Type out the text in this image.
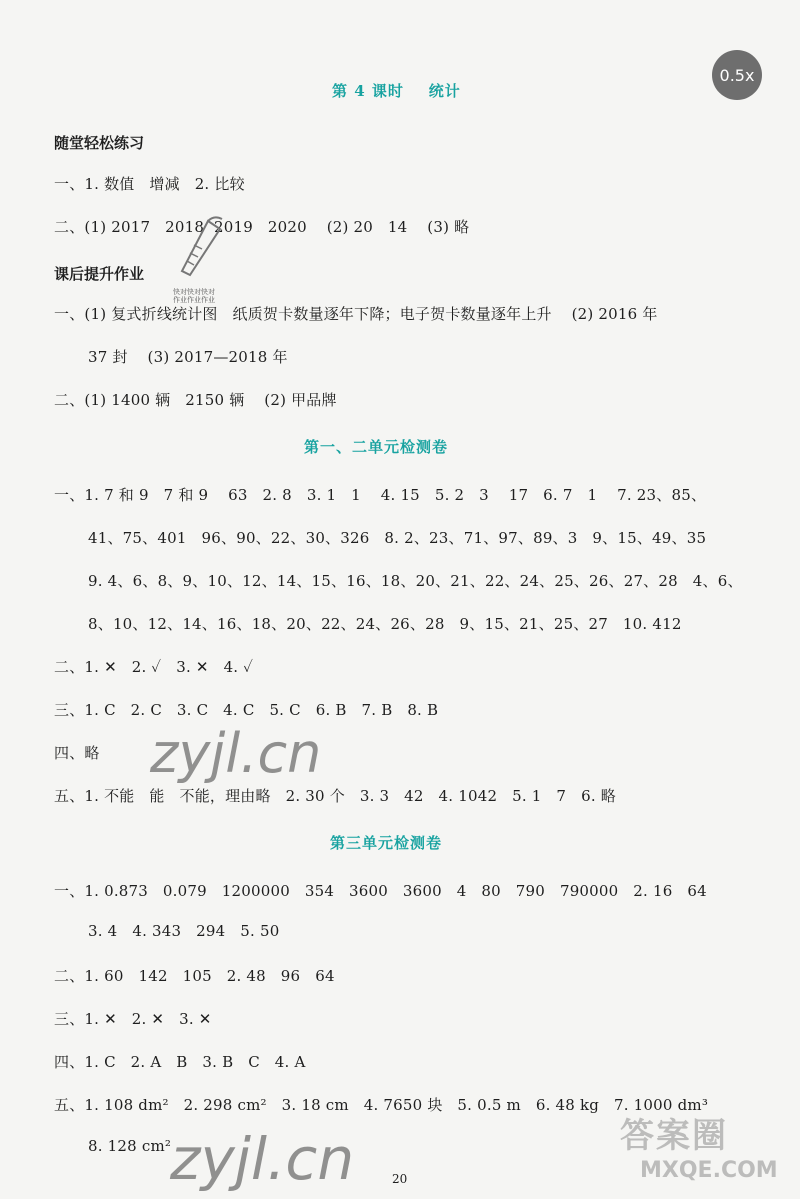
0.5x
第 4 课时    统计
随堂轻松练习
一、1. 数值   增减   2. 比较
二、(1) 2017   2018  2019   2020    (2) 20   14    (3) 略
课后提升作业
快对快对快对
作业作业作业
一、(1) 复式折线统计图   纸质贺卡数量逐年下降；电子贺卡数量逐年上升    (2) 2016 年
37 封    (3) 2017—2018 年
二、(1) 1400 辆   2150 辆    (2) 甲品牌
第一、二单元检测卷
一、1. 7 和 9   7 和 9    63   2. 8   3. 1   1    4. 15   5. 2   3    17   6. 7   1    7. 23、85、
41、75、401   96、90、22、30、326   8. 2、23、71、97、89、3   9、15、49、35
9. 4、6、8、9、10、12、14、15、16、18、20、21、22、24、25、26、27、28   4、6、
8、10、12、14、16、18、20、22、24、26、28   9、15、21、25、27   10. 412
二、1. ✕   2. ✓   3. ✕   4. ✓
三、1. C   2. C   3. C   4. C   5. C   6. B   7. B   8. B
四、略
五、1. 不能   能   不能，理由略   2. 30 个   3. 3   42   4. 1042   5. 1   7   6. 略
zyjl.cn
第三单元检测卷
一、1. 0.873   0.079   1200000   354   3600   3600   4   80   790   790000   2. 16   64
3. 4   4. 343   294   5. 50
二、1. 60   142   105   2. 48   96   64
三、1. ✕   2. ✕   3. ✕
四、1. C   2. A   B   3. B   C   4. A
五、1. 108 dm²   2. 298 cm²   3. 18 cm   4. 7650 块   5. 0.5 m   6. 48 kg   7. 1000 dm³
8. 128 cm²
zyjl.cn	答案圈
MXQE.COM
20
